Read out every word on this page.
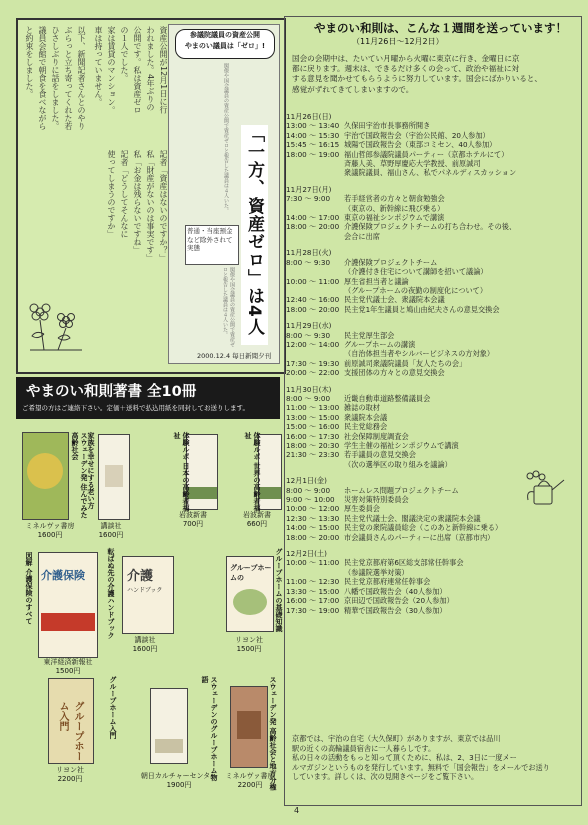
と約束をしました。 議員会館で朝食を食べながら ひさしぶりに話をしました。 ぶらっと立ち寄ってくれた若
以下、新聞記者さんとのやり
資産公開が12月1日に行
われました。4年ぶりの
公開です。私は資産ゼロ
の１人でした。
家は賃貸のマンション。
車は持っていません。
記者「資産はないのですか？」
私「財産がないのは事実です」
私「お金は残らないですね」
記者「どうしてそんなに
使ってしまうのですか」
参議院議員の資産公開
やまのい議員は「ゼロ」!
閣僚や国会議員の資産公開で資産ゼロと報告した議員は４人いた。 「一方、資産ゼロ」は4人
普通・当座預金など除外されて実態
閣僚や国会議員の資産公開で資産ゼロと報告した議員は４人いた。
2000.12.4 毎日新聞夕刊
やまのい和則著書 全10冊
ご希望の方はご連絡下さい。定価＋送料で払込用紙を同封してお送りします。
スウェーデン発 住んでみた高齢社会
ミネルヴァ書房
1600円
家族を幸せにする老い方
講談社
1600円
体験ルポ 日本の高齢者福祉
岩波新書
700円
体験ルポ 世界の高齢者福祉
岩波新書
660円
介護保険
図解 介護保険のすべて
東洋経済新報社
1500円
介護
ハンドブック
転ばぬ先の介護ハンドブック
講談社
1600円
グループホームの	グループホームの基礎知識
リヨン社
1500円
グループホーム入門	グループホーム入門
リヨン社
2200円	スウェーデンのグループホーム物語
朝日カルチャーセンター
1900円	スウェーデン発 高齢社会と地方分権
ミネルヴァ書房
2200円
やまのい和則は、こんな１週間を送っています！
（11月26日～12月2日）
国会の会期中は、たいてい月曜から火曜に東京に行き、金曜日に京
都に戻ります。週末は、できるだけ多くの会って、政治や福祉に対
する意見を聞かせてもらうように努力しています。国会にばかりいると、
感覚がずれてきてしまいますので。
11月26日(日)
13:00 ～ 13:40 久保田宇治市長事務所開き
14:00 ～ 15:30 宇治で国政報告会（宇治公民館、20人参加）
15:45 ～ 16:15 城陽で国政報告会（東部コミセン、40人参加）
18:00 ～ 19:00 福山哲郎参議院議員パーティー（京都ホテルにて）
斉藤人美、草野厚慶応大学教授、前原誠司
衆議院議員、福山さん、私でパネルディスカッション
11月27日(月)
7:30 ～ 9:00	若手経営者の方々と朝食勉強会
（東京の、新幹線に飛び乗る）
14:00 ～ 17:00 東京の福祉シンポジウムで講演
18:00 ～ 20:00 介護保険プロジェクトチームの打ち合わせ。その後、
会合に出席
11月28日(火)
8:00 ～ 9:30	介護保険プロジェクトチーム
（介護付き住宅について講師を招いて議論）
10:00 ～ 11:00 厚生省担当者と議論
（グループホームの夜勤の制度化について）
12:40 ～ 16:00 民主党代議士会、衆議院本会議
18:00 ～ 20:00 民主党1年生議員と鳩山由紀夫さんの意見交換会
11月29日(水)
8:00 ～ 9:30	民主党厚生部会
12:00 ～ 14:00 グループホームの講演
（自治体担当者やシルバービジネスの方対象）
17:30 ～ 19:30 前原誠司衆議院議員「友人たちの会」
20:00 ～ 22:00 支援団体の方々との意見交換会
11月30日(木)
8:00 ～ 9:00	近畿自動車道路整備議員会
11:00 ～ 13:00 雑誌の取材
13:00 ～ 15:00 衆議院本会議
15:00 ～ 16:00 民主党総務会
16:00 ～ 17:30 社会保障制度調査会
18:00 ～ 20:30 学生主催の福祉シンポジウムで講演
21:30 ～ 23:30 若手議員の意見交換会
（次の選挙区の取り組みを議論）
12月1日(金)
8:00 ～ 9:00	ホームレス問題プロジェクトチーム
9:00 ～ 10:00	災害対策特別委員会
10:00 ～ 12:00 厚生委員会
12:30 ～ 13:30 民主党代議士会、閣議決定の衆議院本会議
14:00 ～ 15:00 民主党の衆院議員総会（このあと新幹線に乗る）
18:00 ～ 20:00 市会議員さんのパーティーに出席（京都市内）
12月2日(土)
10:00 ～ 11:00 民主党京都府第6区総支部常任幹事会
（参議院選挙対策）
11:00 ～ 12:30 民主党京都府連常任幹事会
13:30 ～ 15:00 八幡で国政報告会（40人参加）
16:00 ～ 17:00 京田辺で国政報告会（20人参加）
17:30 ～ 19:00 精華で国政報告会（30人参加）
京都では、宇治の自宅（大久保町）がありますが、東京では品川
駅の近くの高輪議員宿舎に一人暮らしです。
私の日々の活動をもっと知って頂くために、私は、2、3日に一度メー
ルマガジンというものを発行しています。無料で「国会報告」をメールでお送り
しています。詳しくは、次の見開きページをご覧下さい。
4
